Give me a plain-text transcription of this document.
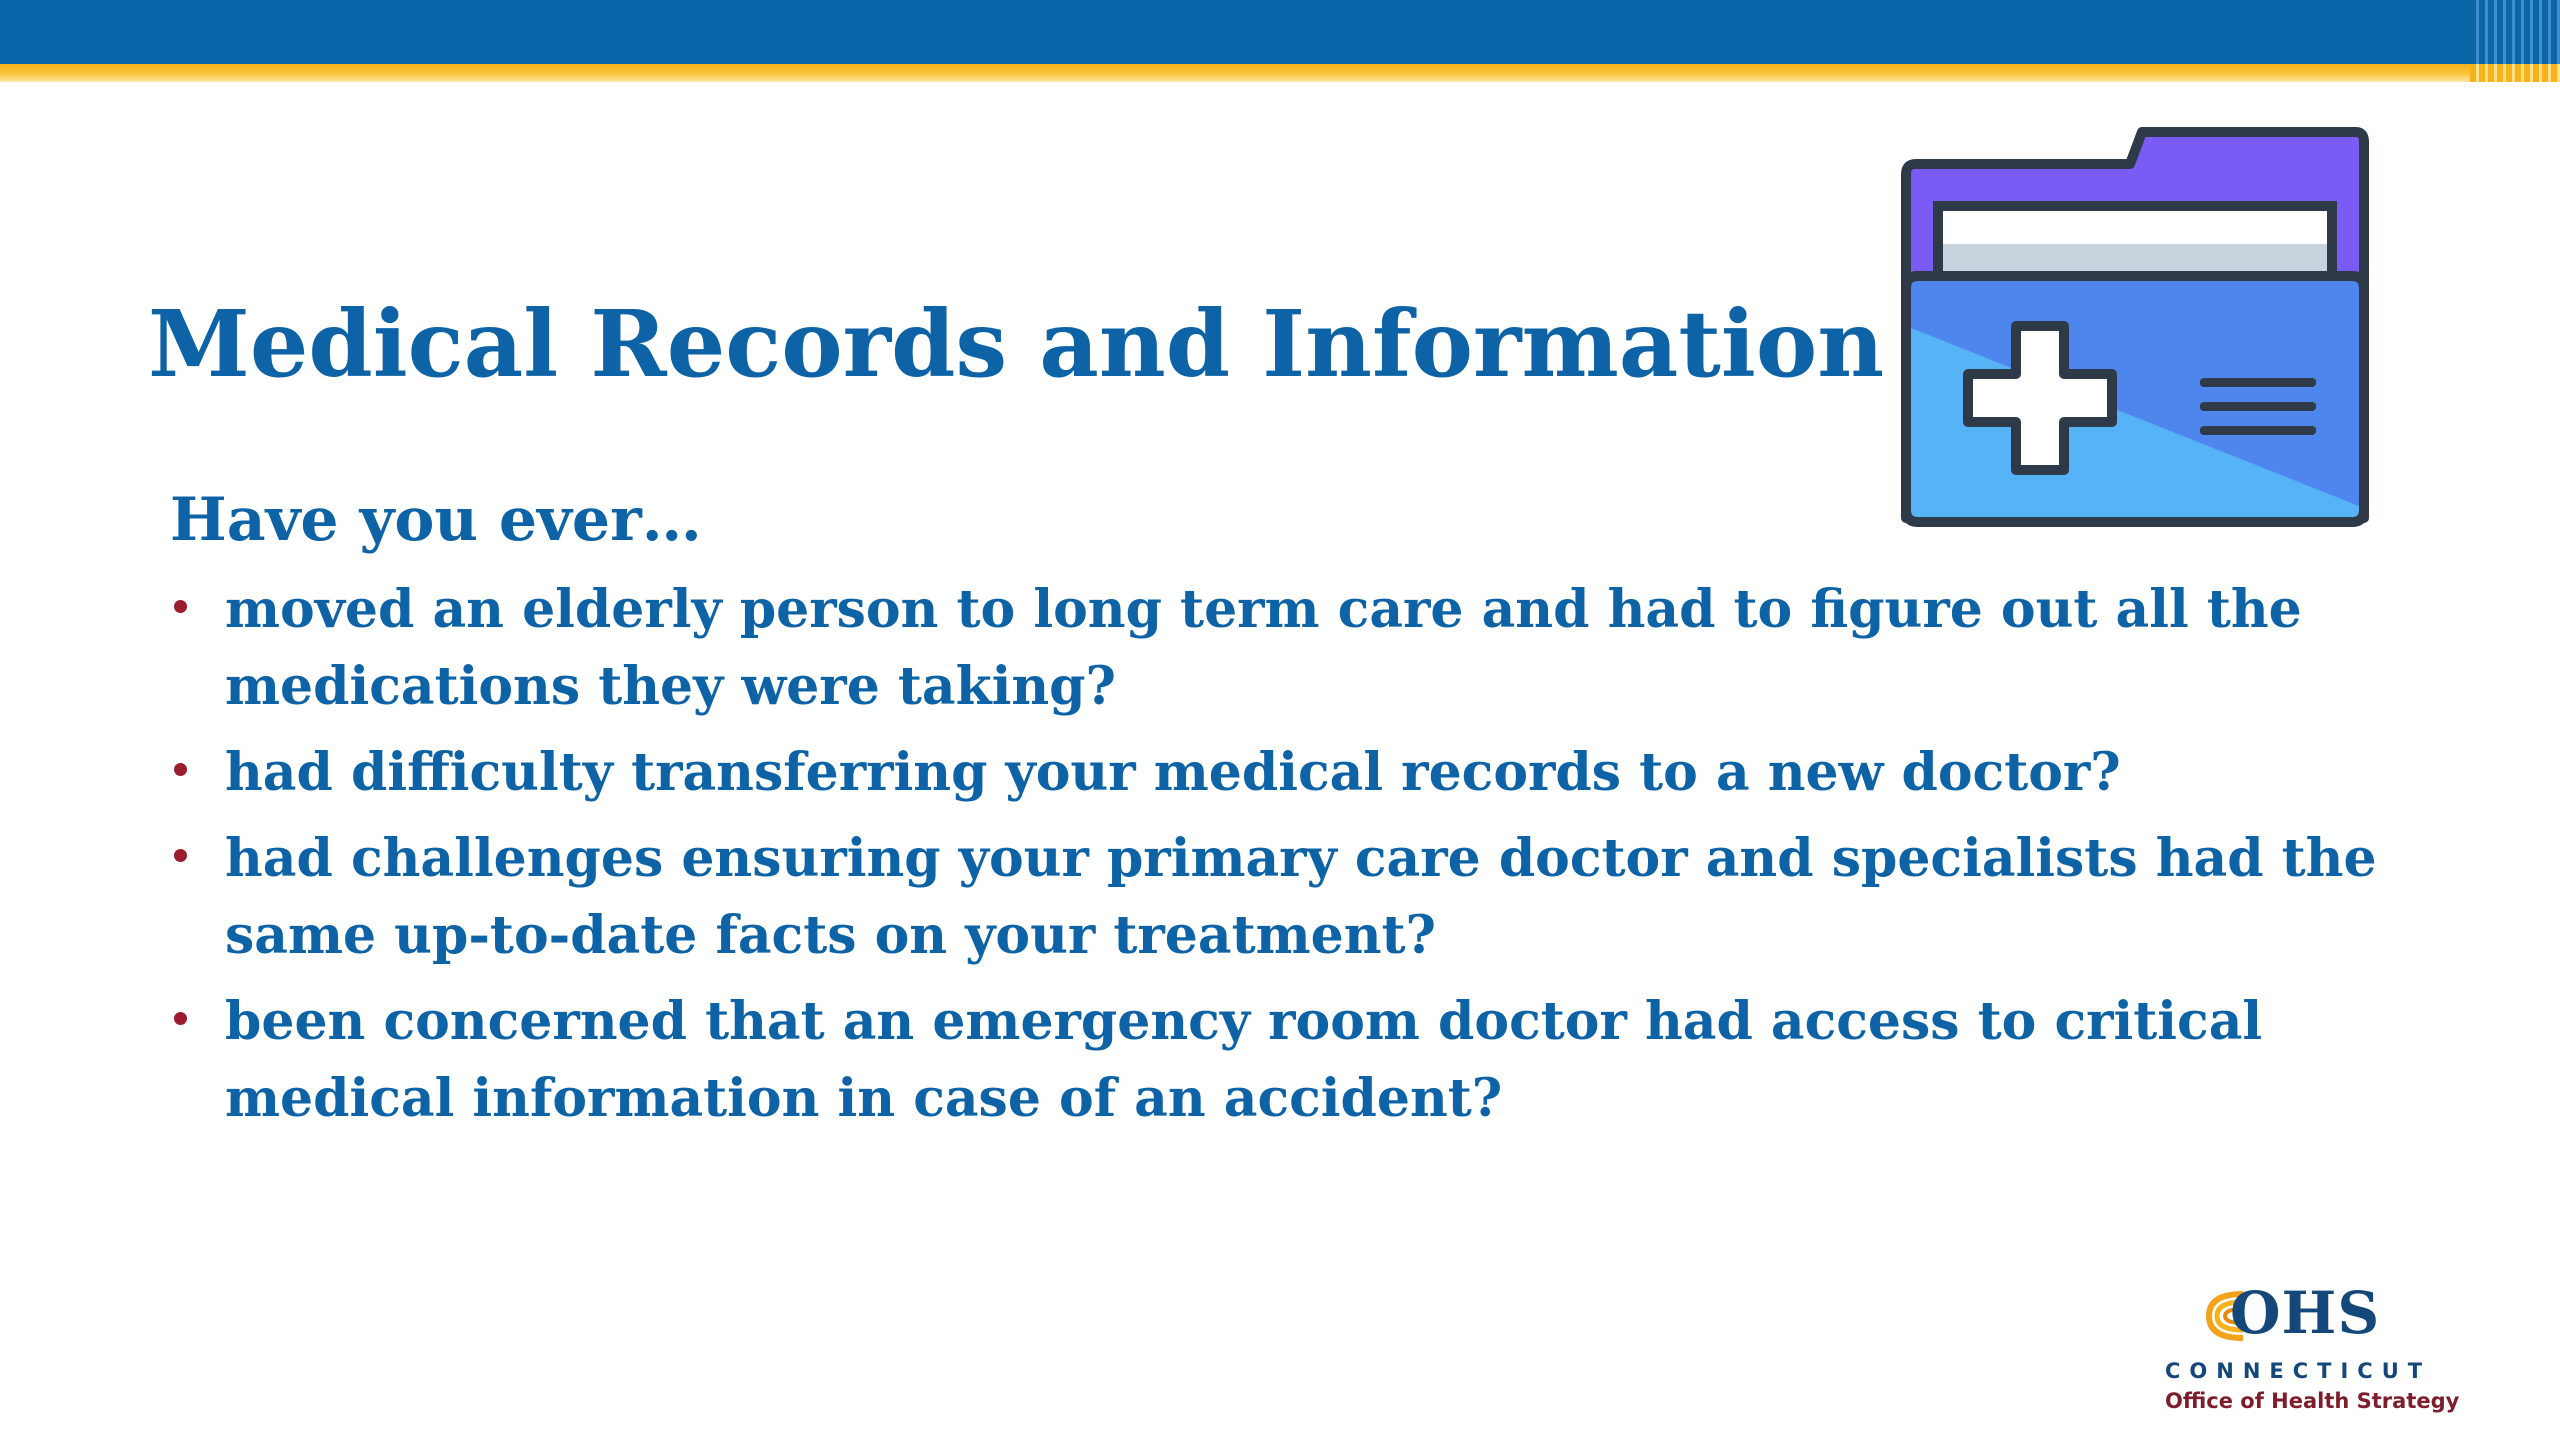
Medical Records and Information

Have you ever…

moved an elderly person to long term care and had to figure out all the medications they were taking?
had difficulty transferring your medical records to a new doctor?
had challenges ensuring your primary care doctor and specialists had the same up-to-date facts on your treatment?
been concerned that an emergency room doctor had access to critical medical information in case of an accident?

OHS

CONNECTICUT

Office of Health Strategy
